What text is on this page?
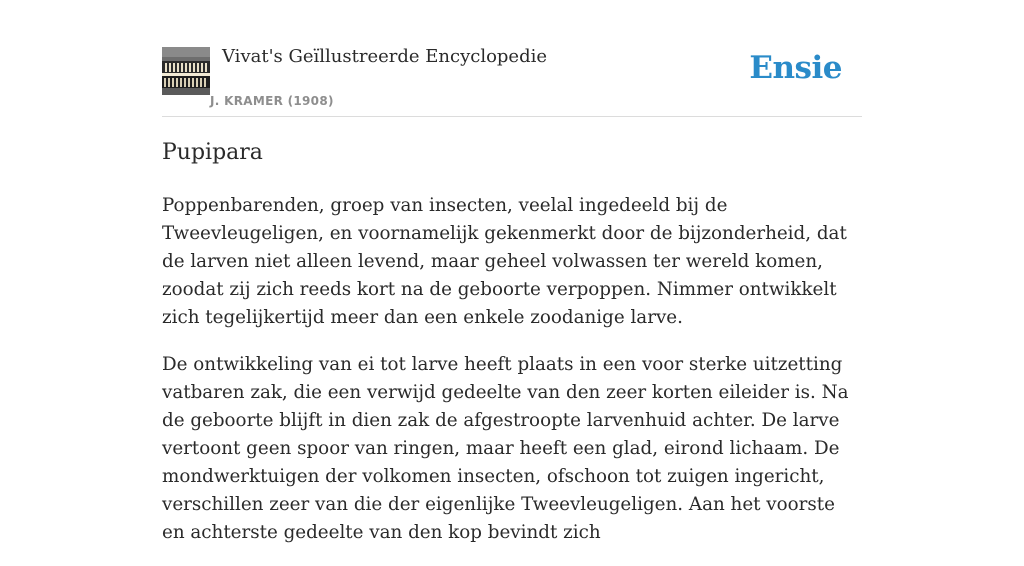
Vivat's Geïllustreerde Encyclopedie
J. KRAMER (1908)
Ensie
Pupipara

Poppenbarenden, groep van insecten, veelal ingedeeld bij de Tweevleugeligen, en voornamelijk gekenmerkt door de bijzonderheid, dat de larven niet alleen levend, maar geheel volwassen ter wereld komen, zoodat zij zich reeds kort na de geboorte verpoppen. Nimmer ontwikkelt zich tegelijkertijd meer dan een enkele zoodanige larve.

De ontwikkeling van ei tot larve heeft plaats in een voor sterke uitzetting vatbaren zak, die een verwijd gedeelte van den zeer korten eileider is. Na de geboorte blijft in dien zak de afgestroopte larvenhuid achter. De larve vertoont geen spoor van ringen, maar heeft een glad, eirond lichaam. De mondwerktuigen der volkomen insecten, ofschoon tot zuigen ingericht, verschillen zeer van die der eigenlijke Tweevleugeligen. Aan het voorste en achterste gedeelte van den kop bevindt zich
